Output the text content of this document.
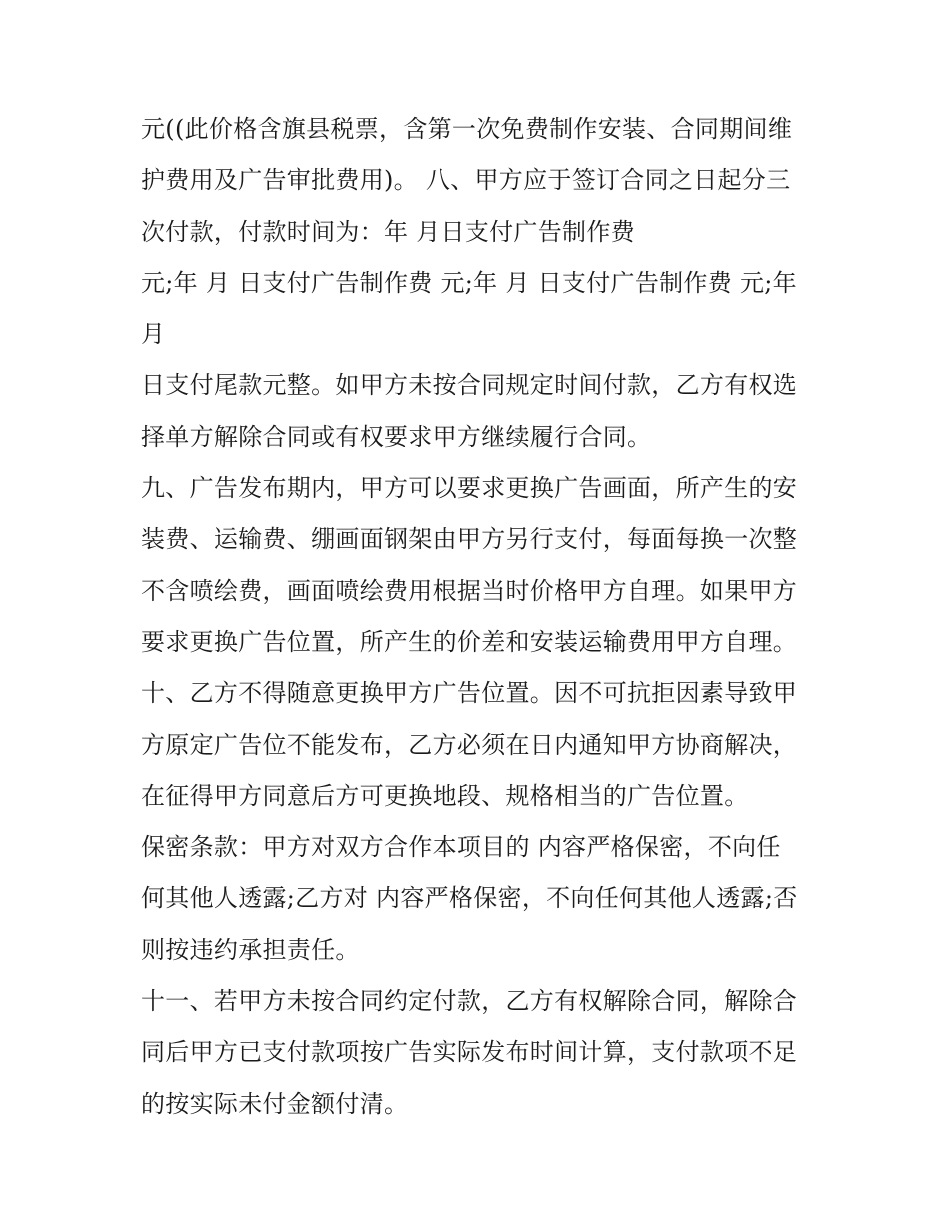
元((此价格含旗县税票，含第一次免费制作安装、合同期间维
护费用及广告审批费用)。 八、甲方应于签订合同之日起分三
次付款，付款时间为：年 月日支付广告制作费
元;年 月 日支付广告制作费 元;年 月 日支付广告制作费 元;年
月
日支付尾款元整。如甲方未按合同规定时间付款，乙方有权选
择单方解除合同或有权要求甲方继续履行合同。
九、广告发布期内，甲方可以要求更换广告画面，所产生的安
装费、运输费、绷画面钢架由甲方另行支付，每面每换一次整
不含喷绘费，画面喷绘费用根据当时价格甲方自理。如果甲方
要求更换广告位置，所产生的价差和安装运输费用甲方自理。
十、乙方不得随意更换甲方广告位置。因不可抗拒因素导致甲
方原定广告位不能发布，乙方必须在日内通知甲方协商解决，
在征得甲方同意后方可更换地段、规格相当的广告位置。
保密条款：甲方对双方合作本项目的 内容严格保密，不向任
何其他人透露;乙方对 内容严格保密，不向任何其他人透露;否
则按违约承担责任。
十一、若甲方未按合同约定付款，乙方有权解除合同，解除合
同后甲方已支付款项按广告实际发布时间计算，支付款项不足
的按实际未付金额付清。
